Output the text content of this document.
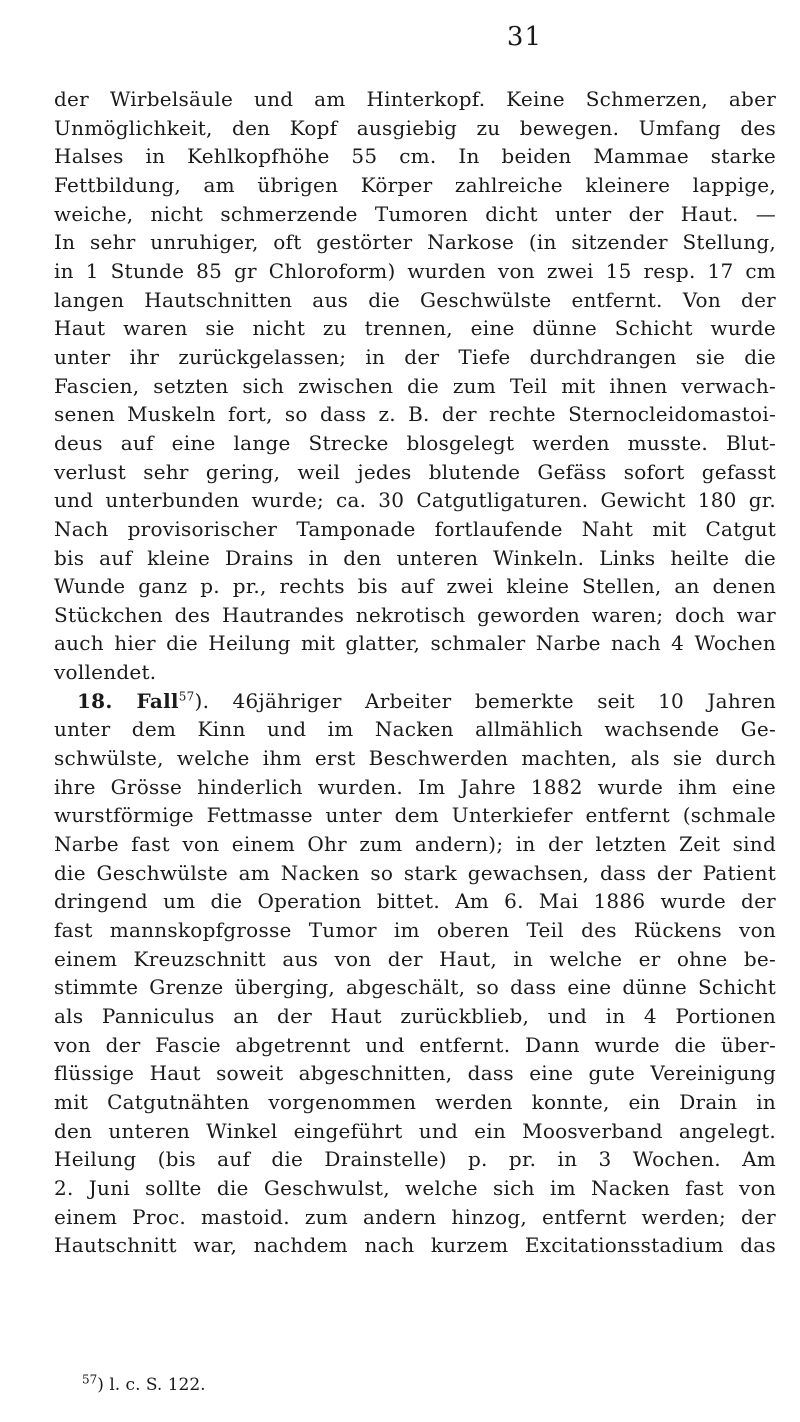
31
der Wirbelsäule und am Hinterkopf. Keine Schmerzen, aber
Unmöglichkeit, den Kopf ausgiebig zu bewegen. Umfang des
Halses in Kehlkopfhöhe 55 cm. In beiden Mammae starke
Fettbildung, am übrigen Körper zahlreiche kleinere lappige,
weiche, nicht schmerzende Tumoren dicht unter der Haut. —
In sehr unruhiger, oft gestörter Narkose (in sitzender Stellung,
in 1 Stunde 85 gr Chloroform) wurden von zwei 15 resp. 17 cm
langen Hautschnitten aus die Geschwülste entfernt. Von der
Haut waren sie nicht zu trennen, eine dünne Schicht wurde
unter ihr zurückgelassen; in der Tiefe durchdrangen sie die
Fascien, setzten sich zwischen die zum Teil mit ihnen verwach-
senen Muskeln fort, so dass z. B. der rechte Sternocleidomastoi-
deus auf eine lange Strecke blosgelegt werden musste. Blut-
verlust sehr gering, weil jedes blutende Gefäss sofort gefasst
und unterbunden wurde; ca. 30 Catgutligaturen. Gewicht 180 gr.
Nach provisorischer Tamponade fortlaufende Naht mit Catgut
bis auf kleine Drains in den unteren Winkeln. Links heilte die
Wunde ganz p. pr., rechts bis auf zwei kleine Stellen, an denen
Stückchen des Hautrandes nekrotisch geworden waren; doch war
auch hier die Heilung mit glatter, schmaler Narbe nach 4 Wochen
vollendet.
18. Fall$^{57}$). 46jähriger Arbeiter bemerkte seit 10 Jahren
unter dem Kinn und im Nacken allmählich wachsende Ge-
schwülste, welche ihm erst Beschwerden machten, als sie durch
ihre Grösse hinderlich wurden. Im Jahre 1882 wurde ihm eine
wurstförmige Fettmasse unter dem Unterkiefer entfernt (schmale
Narbe fast von einem Ohr zum andern); in der letzten Zeit sind
die Geschwülste am Nacken so stark gewachsen, dass der Patient
dringend um die Operation bittet. Am 6. Mai 1886 wurde der
fast mannskopfgrosse Tumor im oberen Teil des Rückens von
einem Kreuzschnitt aus von der Haut, in welche er ohne be-
stimmte Grenze überging, abgeschält, so dass eine dünne Schicht
als Panniculus an der Haut zurückblieb, und in 4 Portionen
von der Fascie abgetrennt und entfernt. Dann wurde die über-
flüssige Haut soweit abgeschnitten, dass eine gute Vereinigung
mit Catgutnähten vorgenommen werden konnte, ein Drain in
den unteren Winkel eingeführt und ein Moosverband angelegt.
Heilung (bis auf die Drainstelle) p. pr. in 3 Wochen. Am
2. Juni sollte die Geschwulst, welche sich im Nacken fast von
einem Proc. mastoid. zum andern hinzog, entfernt werden; der
Hautschnitt war, nachdem nach kurzem Excitationsstadium das
$^{57}$) l. c. S. 122.
